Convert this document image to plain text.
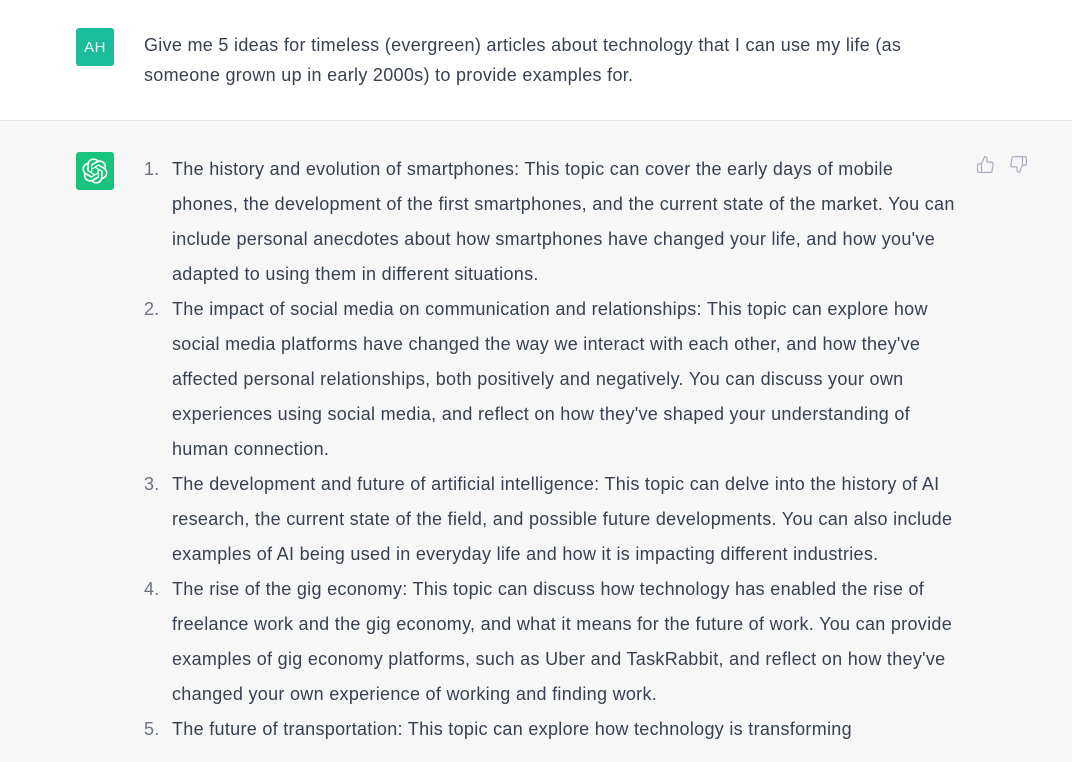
AH	Give me 5 ideas for timeless (evergreen) articles about technology that I can use my life (as someone grown up in early 2000s) to provide examples for.
1. The history and evolution of smartphones: This topic can cover the early days of mobile phones, the development of the first smartphones, and the current state of the market. You can include personal anecdotes about how smartphones have changed your life, and how you've adapted to using them in different situations.
2. The impact of social media on communication and relationships: This topic can explore how social media platforms have changed the way we interact with each other, and how they've affected personal relationships, both positively and negatively. You can discuss your own experiences using social media, and reflect on how they've shaped your understanding of human connection.
3. The development and future of artificial intelligence: This topic can delve into the history of AI research, the current state of the field, and possible future developments. You can also include examples of AI being used in everyday life and how it is impacting different industries.
4. The rise of the gig economy: This topic can discuss how technology has enabled the rise of freelance work and the gig economy, and what it means for the future of work. You can provide examples of gig economy platforms, such as Uber and TaskRabbit, and reflect on how they've changed your own experience of working and finding work.
5. The future of transportation: This topic can explore how technology is transforming
